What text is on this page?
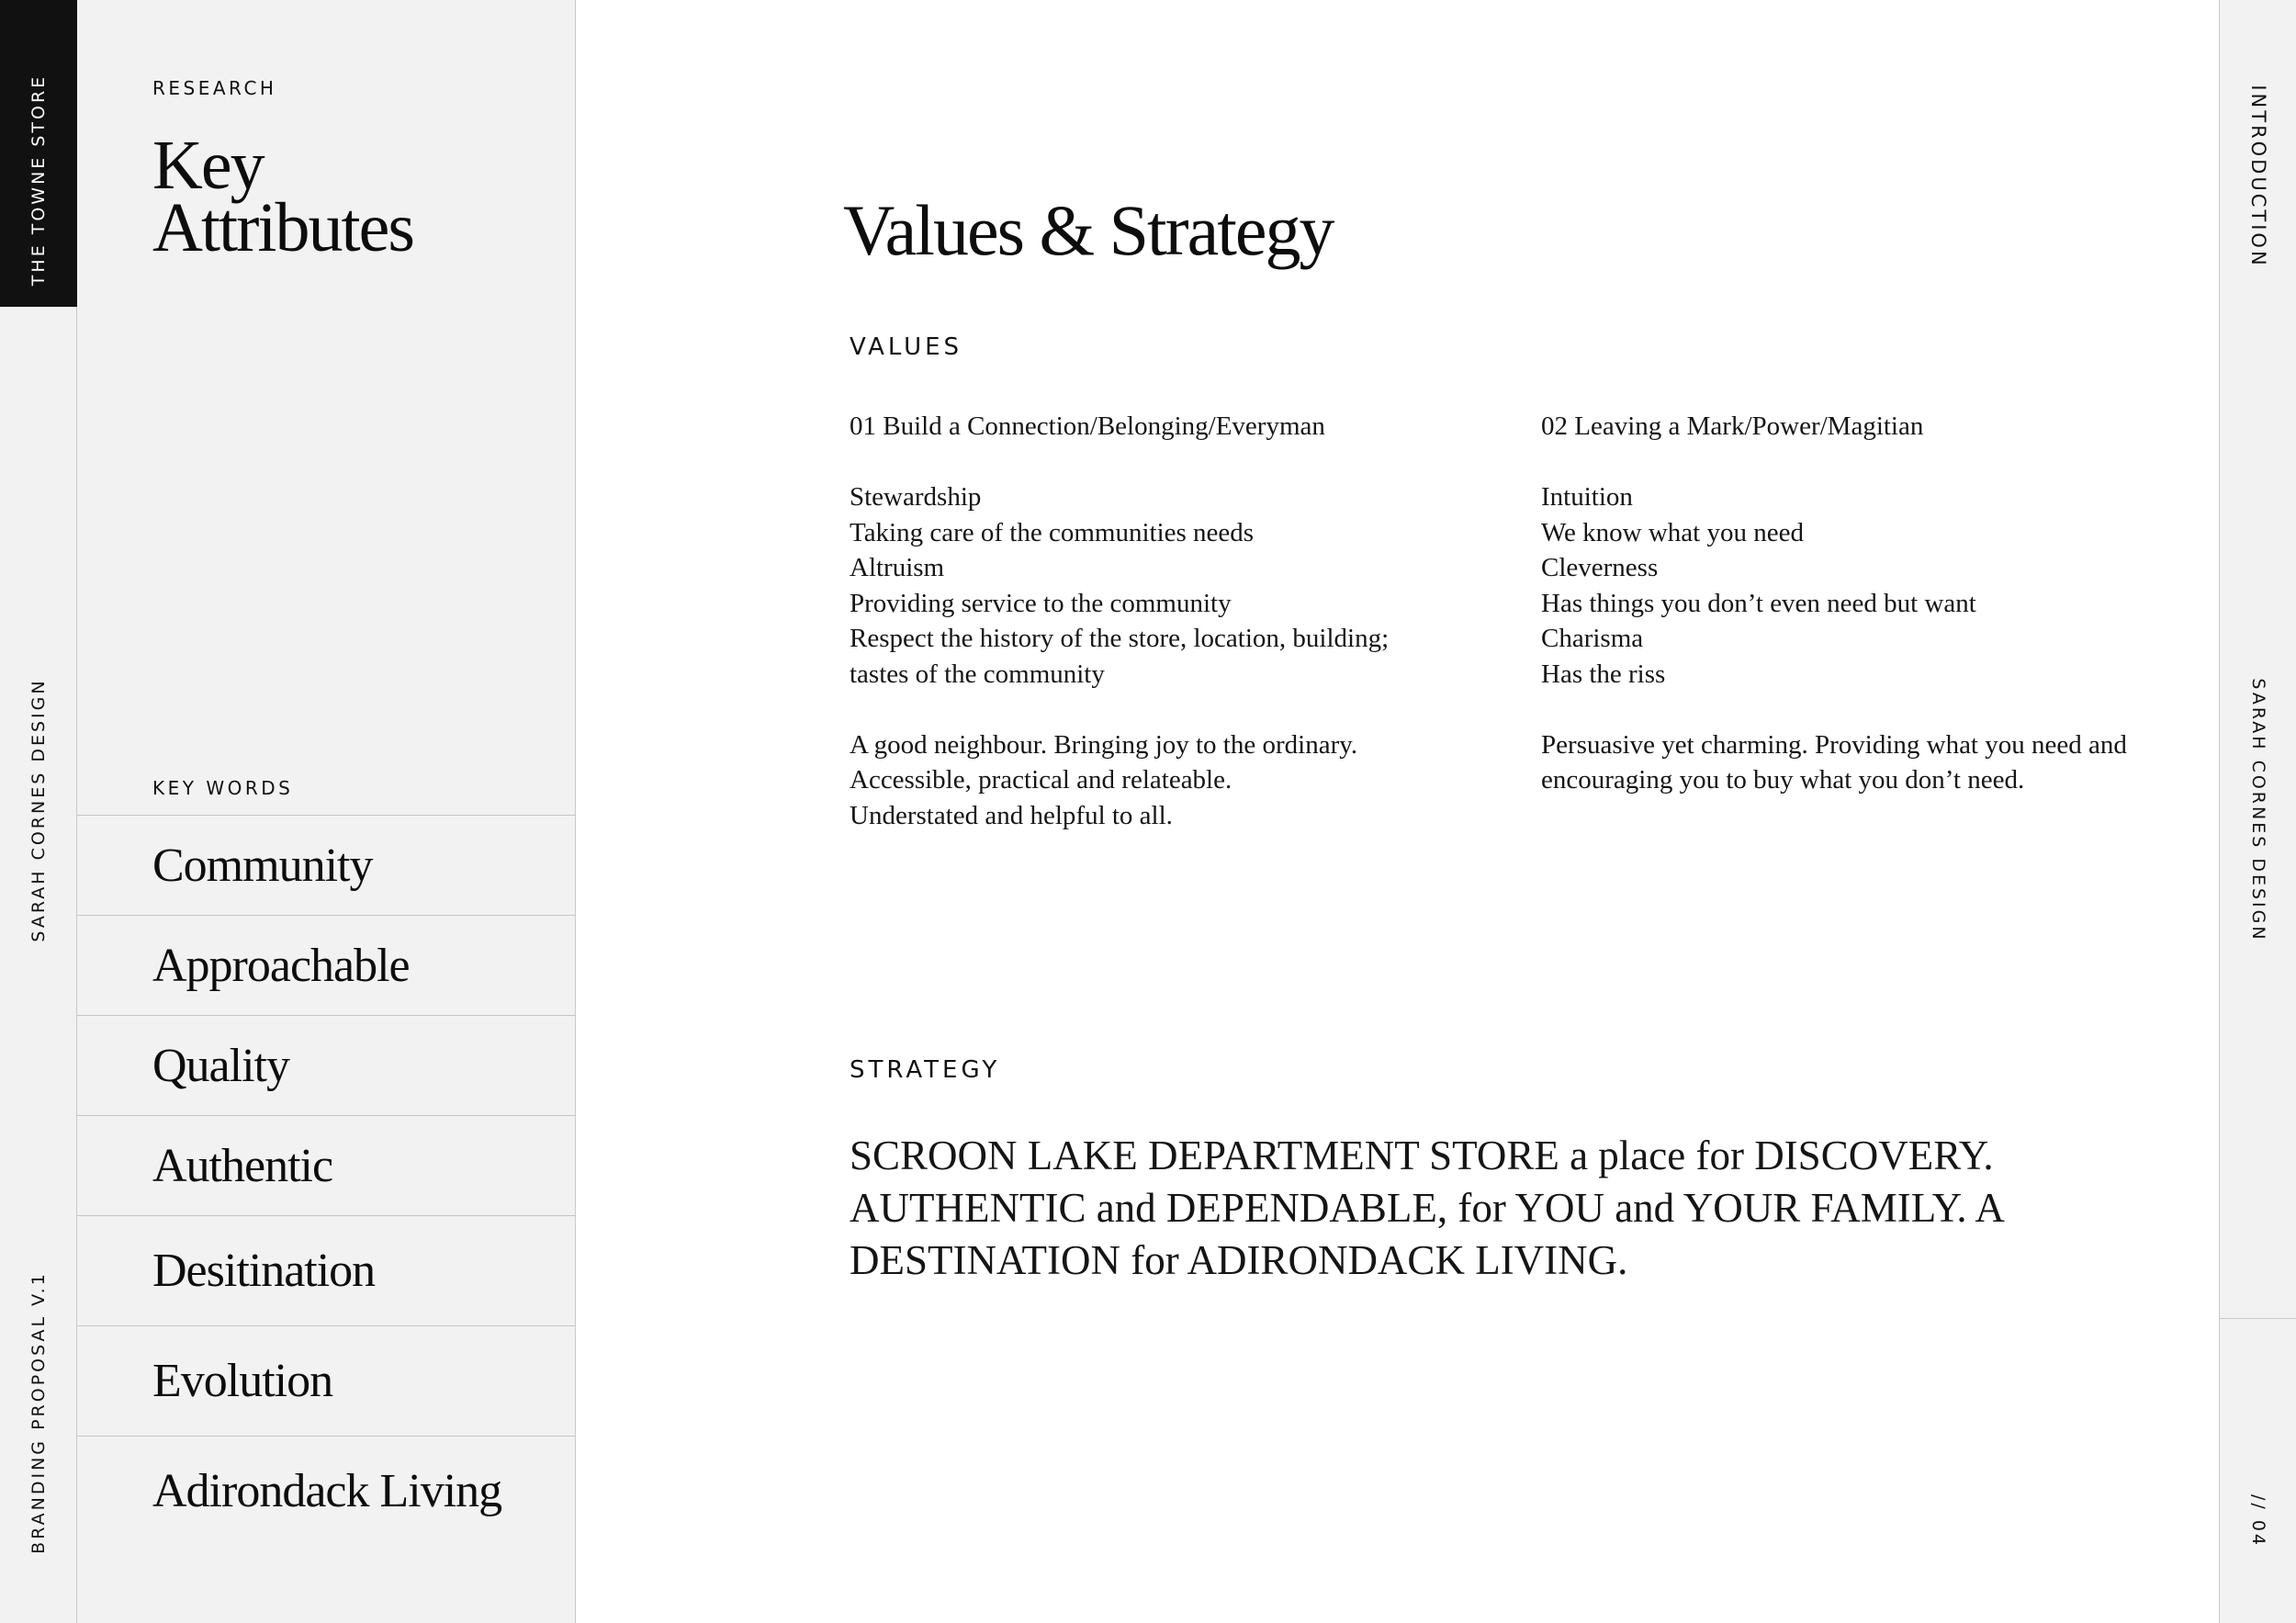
THE TOWNE STORE
SARAH CORNES DESIGN
BRANDING PROPOSAL V.1
RESEARCH
Key
Attributes
KEY WORDS
Community
Approachable
Quality
Authentic
Desitination
Evolution
Adirondack Living
Values & Strategy
VALUES

01 Build a Connection/Belonging/Everyman

Stewardship

Taking care of the communities needs

Altruism

Providing service to the community

Respect the history of the store, location, building;

tastes of the community

A good neighbour. Bringing joy to the ordinary.

Accessible, practical and relateable.

Understated and helpful to all.

02 Leaving a Mark/Power/Magitian

Intuition

We know what you need

Cleverness

Has things you don’t even need but want

Charisma

Has the riss

Persuasive yet charming. Providing what you need and

encouraging you to buy what you don’t need.

STRATEGY
SCROON LAKE DEPARTMENT STORE a place for DISCOVERY. AUTHENTIC and DEPENDABLE, for YOU and YOUR FAMILY. A DESTINATION for ADIRONDACK LIVING.
INTRODUCTION
SARAH CORNES DESIGN
// 04
